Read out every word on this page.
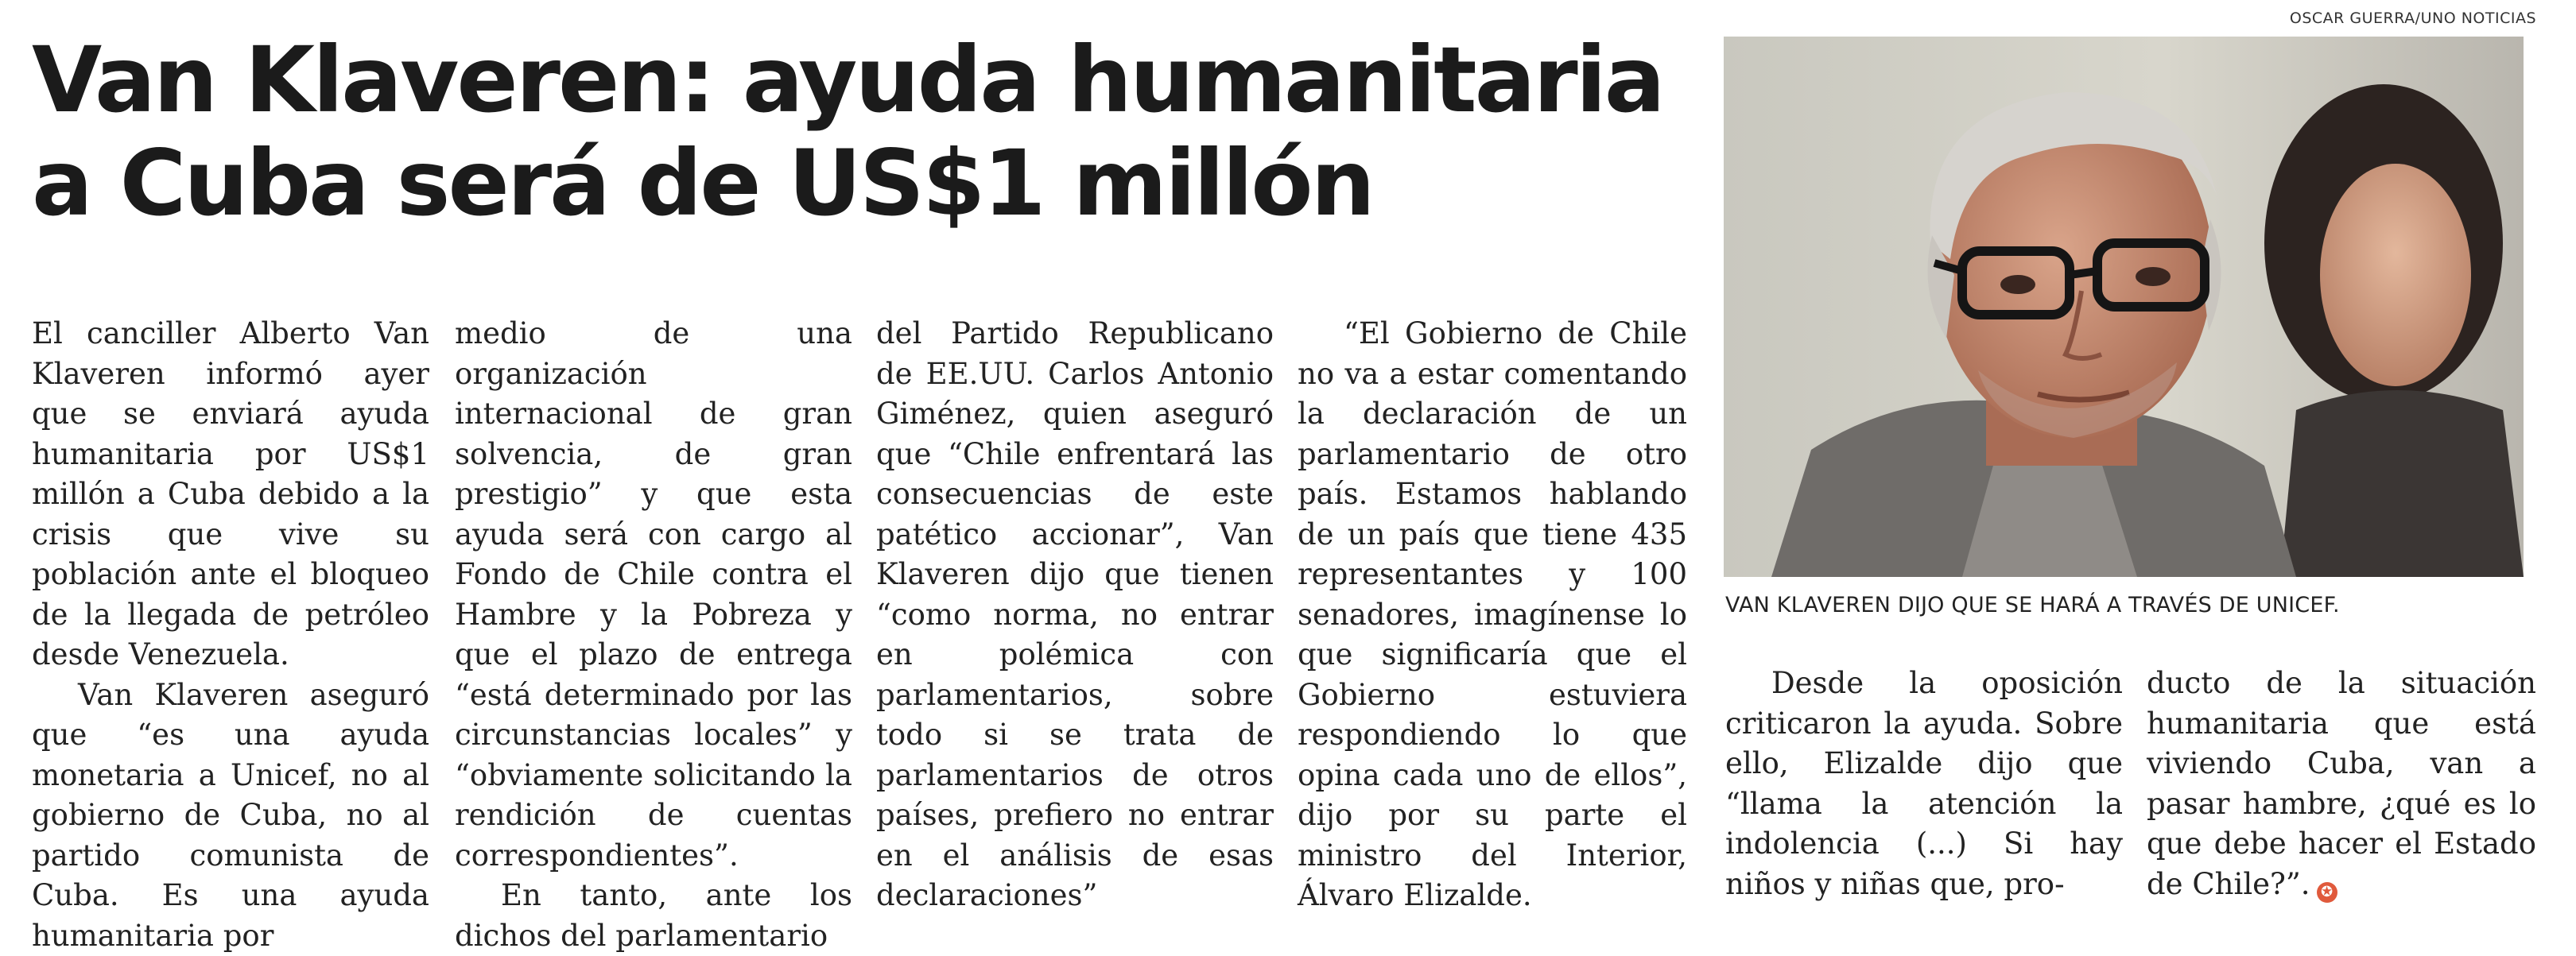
OSCAR GUERRA/UNO NOTICIAS
Van Klaveren: ayuda humanitaria
a Cuba será de US$1 millón

El canciller Alberto Van Klaveren informó ayer que se enviará ayuda humanitaria por US$1 millón a Cuba debido a la crisis que vive su población ante el bloqueo de la llegada de petróleo desde Venezuela.

Van Klaveren aseguró que “es una ayuda monetaria a Unicef, no al gobierno de Cuba, no al partido comunista de Cuba. Es una ayuda humanitaria por

medio de una organización internacional de gran solvencia, de gran prestigio” y que esta ayuda será con cargo al Fondo de Chile contra el Hambre y la Pobreza y que el plazo de entrega “está determinado por las circunstancias locales” y “obviamente solicitando la rendición de cuentas correspondientes”.

En tanto, ante los dichos del parlamentario

del Partido Republicano de EE.UU. Carlos Antonio Giménez, quien aseguró que “Chile enfrentará las consecuencias de este patético accionar”, Van Klaveren dijo que tienen “como norma, no entrar en polémica con parlamentarios, sobre todo si se trata de parlamentarios de otros países, prefiero no entrar en el análisis de esas declaraciones”

“El Gobierno de Chile no va a estar comentando la declaración de un parlamentario de otro país. Estamos hablando de un país que tiene 435 representantes y 100 senadores, imagínense lo que significaría que el Gobierno estuviera respondiendo lo que opina cada uno de ellos”, dijo por su parte el ministro del Interior, Álvaro Elizalde.

VAN KLAVEREN DIJO QUE SE HARÁ A TRAVÉS DE UNICEF.

Desde la oposición criticaron la ayuda. Sobre ello, Elizalde dijo que “llama la atención la indolencia (...) Si hay niños y niñas que, pro-

ducto de la situación humanitaria que está viviendo Cuba, van a pasar hambre, ¿qué es lo que debe hacer el Estado de Chile?”. ✪
